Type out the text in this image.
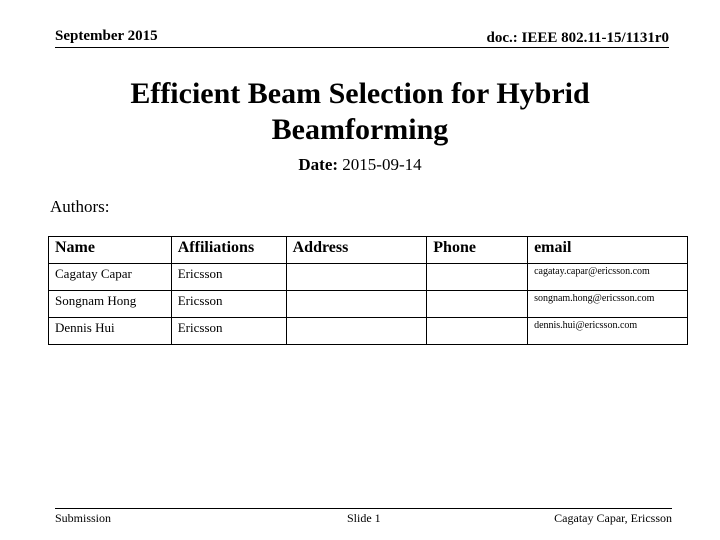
September 2015	doc.: IEEE 802.11-15/1131r0
Efficient Beam Selection for Hybrid Beamforming
Date: 2015-09-14
Authors:
Name	Affiliations	Address	Phone	email
Cagatay Capar	Ericsson			cagatay.capar@ericsson.com
Songnam Hong	Ericsson			songnam.hong@ericsson.com
Dennis Hui	Ericsson			dennis.hui@ericsson.com
Submission	Slide 1	Cagatay Capar, Ericsson
